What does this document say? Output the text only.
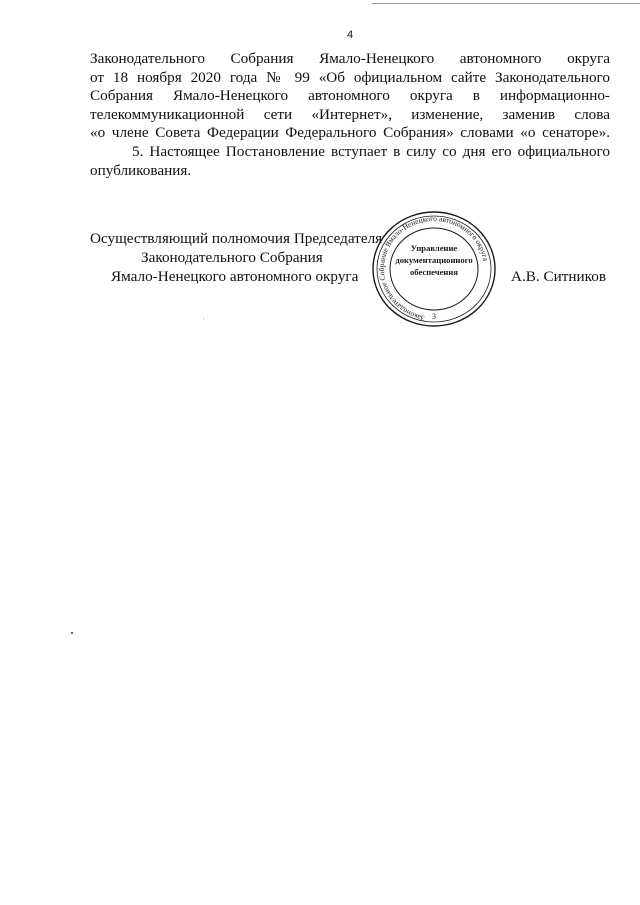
4
Законодательного Собрания Ямало-Ненецкого автономного округа
от 18 ноября 2020 года № 99 «Об официальном сайте Законодательного
Собрания Ямало-Ненецкого автономного округа в информационно-
телекоммуникационной сети «Интернет», изменение, заменив слова
«о члене Совета Федерации Федерального Собрания» словами «о сенаторе».
5. Настоящее Постановление вступает в силу со дня его официального
опубликования.
Осуществляющий полномочия Председателя
Законодательного Собрания
Ямало-Ненецкого автономного округа	А.В. Ситников
Законодательное Собрание Ямало-Ненецкого автономного округа
Управление
документационного
обеспечения
3
